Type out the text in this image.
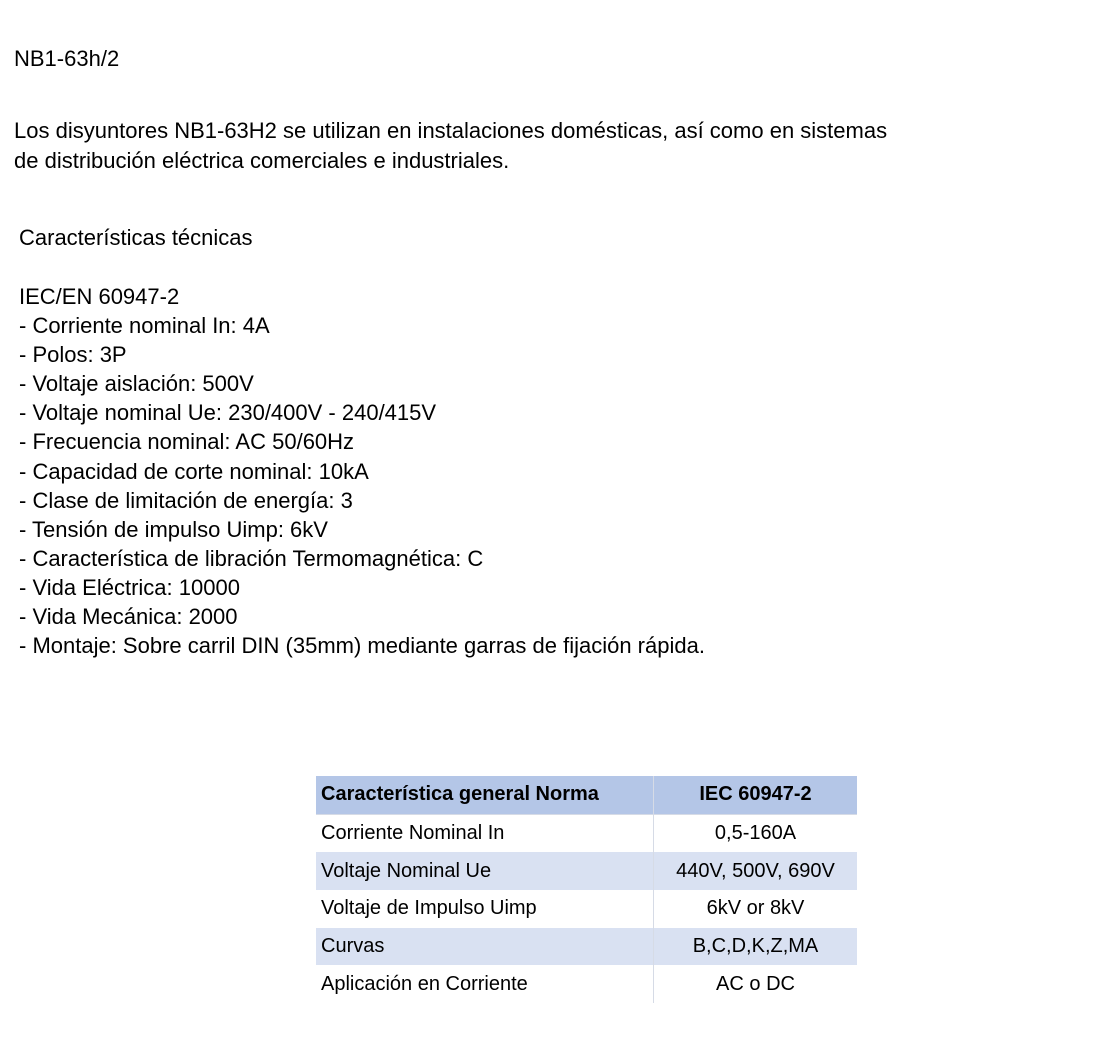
NB1-63h/2
Los disyuntores NB1-63H2 se utilizan en instalaciones domésticas, así como en sistemas
de distribución eléctrica comerciales e industriales.
Características técnicas
IEC/EN 60947-2
- Corriente nominal In: 4A
- Polos: 3P
- Voltaje aislación: 500V
- Voltaje nominal Ue: 230/400V - 240/415V
- Frecuencia nominal: AC 50/60Hz
- Capacidad de corte nominal: 10kA
- Clase de limitación de energía: 3
- Tensión de impulso Uimp: 6kV
- Característica de libración Termomagnética: C
- Vida Eléctrica: 10000
- Vida Mecánica: 2000
- Montaje: Sobre carril DIN (35mm) mediante garras de fijación rápida.
Característica general Norma	IEC 60947-2
Corriente Nominal In	0,5-160A
Voltaje Nominal Ue	440V, 500V, 690V
Voltaje de Impulso Uimp	6kV or 8kV
Curvas	B,C,D,K,Z,MA
Aplicación en Corriente	AC o DC
